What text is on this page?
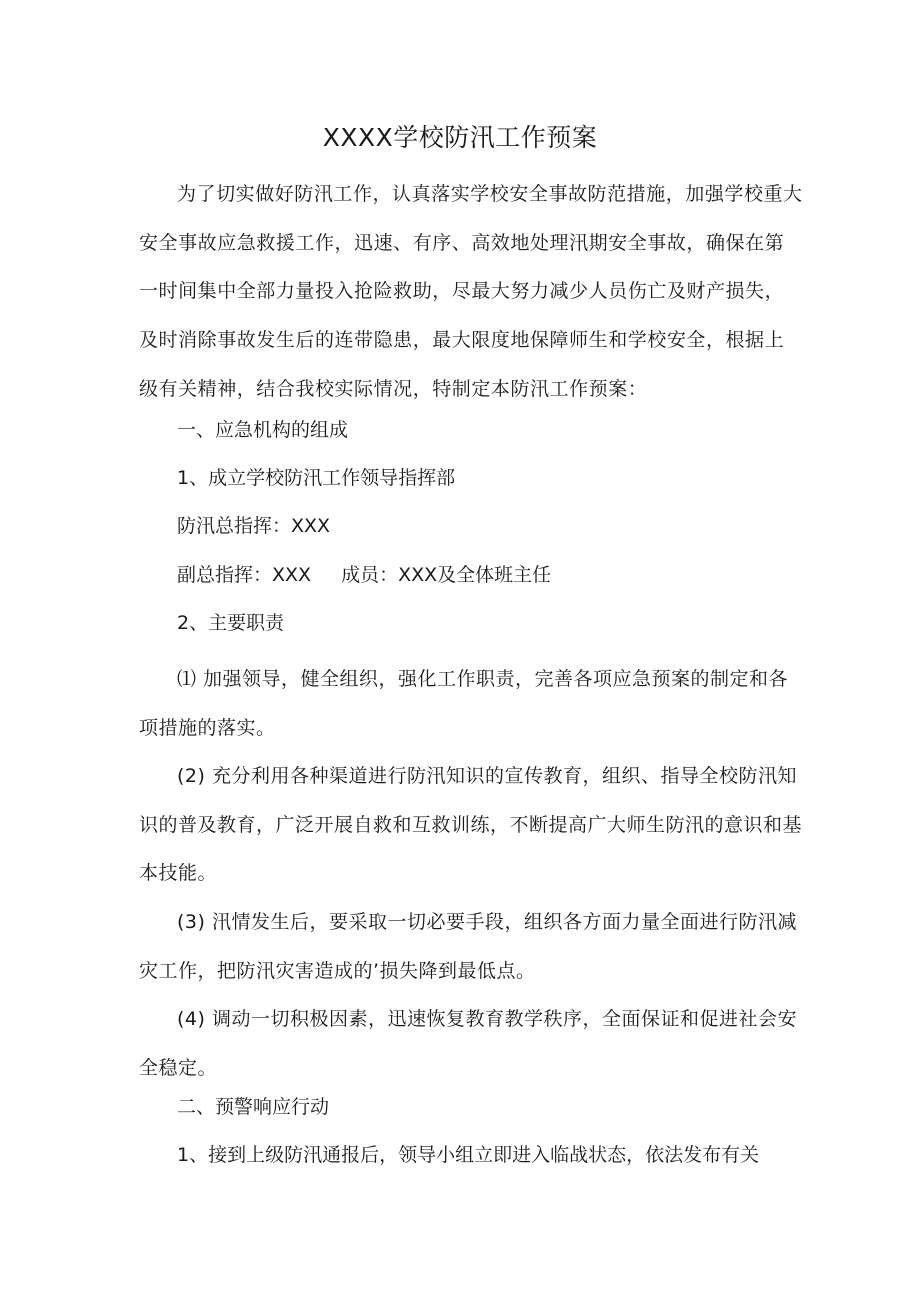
XXXX学校防汛工作预案
为了切实做好防汛工作，认真落实学校安全事故防范措施，加强学校重大安全事故应急救援工作，迅速、有序、高效地处理汛期安全事故，确保在第一时间集中全部力量投入抢险救助，尽最大努力减少人员伤亡及财产损失，及时消除事故发生后的连带隐患，最大限度地保障师生和学校安全，根据上级有关精神，结合我校实际情况，特制定本防汛工作预案：
一、应急机构的组成
1、成立学校防汛工作领导指挥部
防汛总指挥：XXX
副总指挥：XXX 成员：XXX及全体班主任
2、主要职责
⑴ 加强领导，健全组织，强化工作职责，完善各项应急预案的制定和各项措施的落实。
(2) 充分利用各种渠道进行防汛知识的宣传教育，组织、指导全校防汛知识的普及教育，广泛开展自救和互救训练，不断提高广大师生防汛的意识和基本技能。
(3) 汛情发生后，要采取一切必要手段，组织各方面力量全面进行防汛减灾工作，把防汛灾害造成的’损失降到最低点。
(4) 调动一切积极因素，迅速恢复教育教学秩序，全面保证和促进社会安全稳定。
二、预警响应行动
1、接到上级防汛通报后，领导小组立即进入临战状态，依法发布有关
